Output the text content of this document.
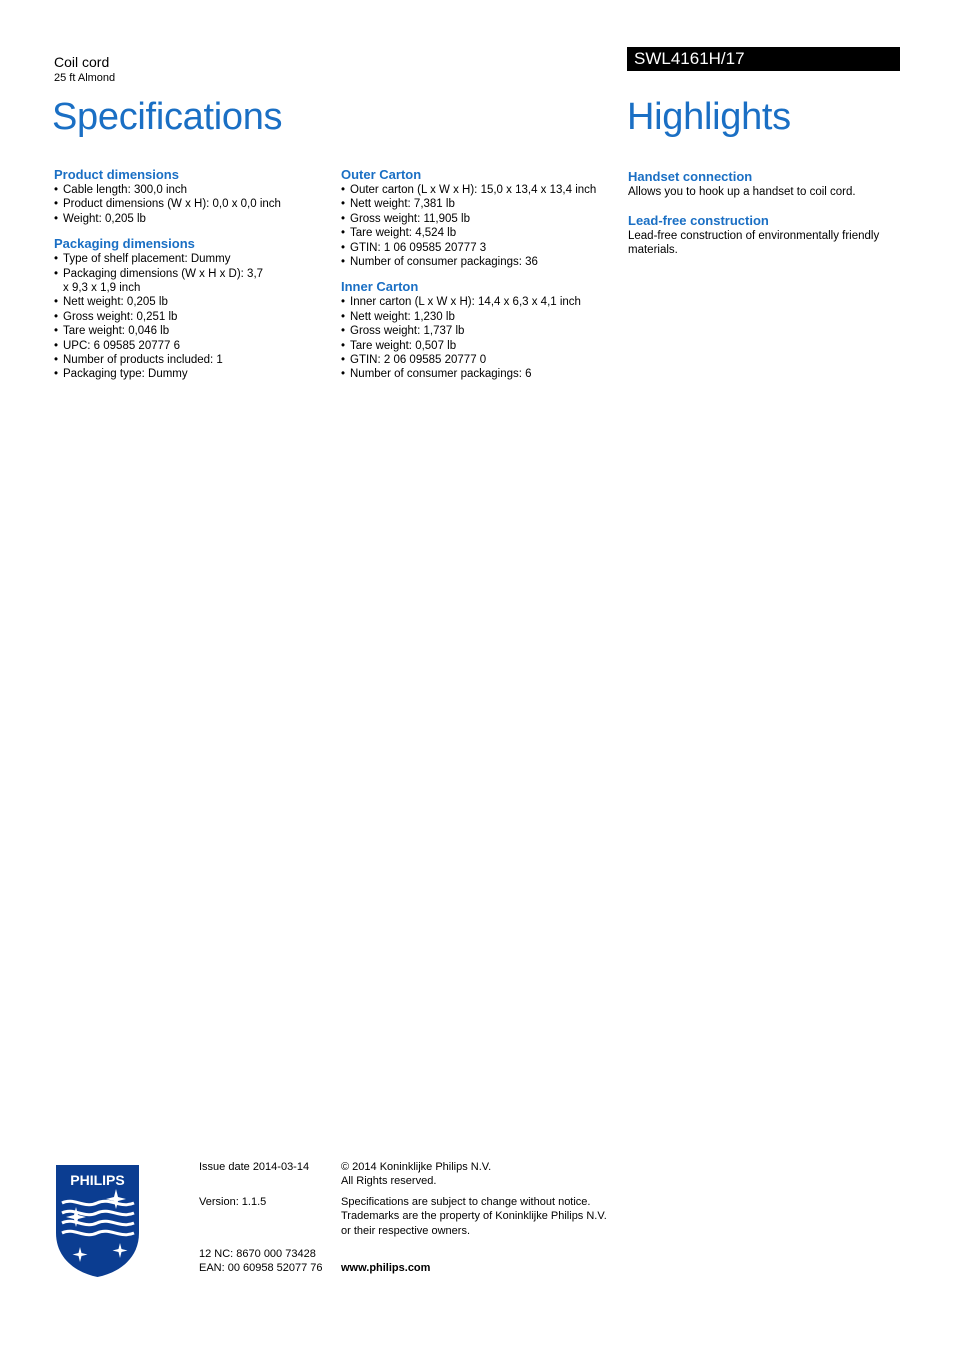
Coil cord
25 ft Almond
SWL4161H/17
Specifications	Highlights
Product dimensions
• Cable length: 300,0 inch
• Product dimensions (W x H): 0,0 x 0,0 inch
• Weight: 0,205 lb
Packaging dimensions
• Type of shelf placement: Dummy
• Packaging dimensions (W x H x D): 3,7 x 9,3 x 1,9 inch
• Nett weight: 0,205 lb
• Gross weight: 0,251 lb
• Tare weight: 0,046 lb
• UPC: 6 09585 20777 6
• Number of products included: 1
• Packaging type: Dummy
Outer Carton
• Outer carton (L x W x H): 15,0 x 13,4 x 13,4 inch
• Nett weight: 7,381 lb
• Gross weight: 11,905 lb
• Tare weight: 4,524 lb
• GTIN: 1 06 09585 20777 3
• Number of consumer packagings: 36
Inner Carton
• Inner carton (L x W x H): 14,4 x 6,3 x 4,1 inch
• Nett weight: 1,230 lb
• Gross weight: 1,737 lb
• Tare weight: 0,507 lb
• GTIN: 2 06 09585 20777 0
• Number of consumer packagings: 6
Handset connection

Allows you to hook up a handset to coil cord.

Lead-free construction

Lead-free construction of environmentally friendly materials.

PHILIPS
Issue date 2014-03-14
Version: 1.1.5
12 NC: 8670 000 73428
EAN: 00 60958 52077 76
© 2014 Koninklijke Philips N.V.
All Rights reserved.
Specifications are subject to change without notice.
Trademarks are the property of Koninklijke Philips N.V.
or their respective owners.
www.philips.com
